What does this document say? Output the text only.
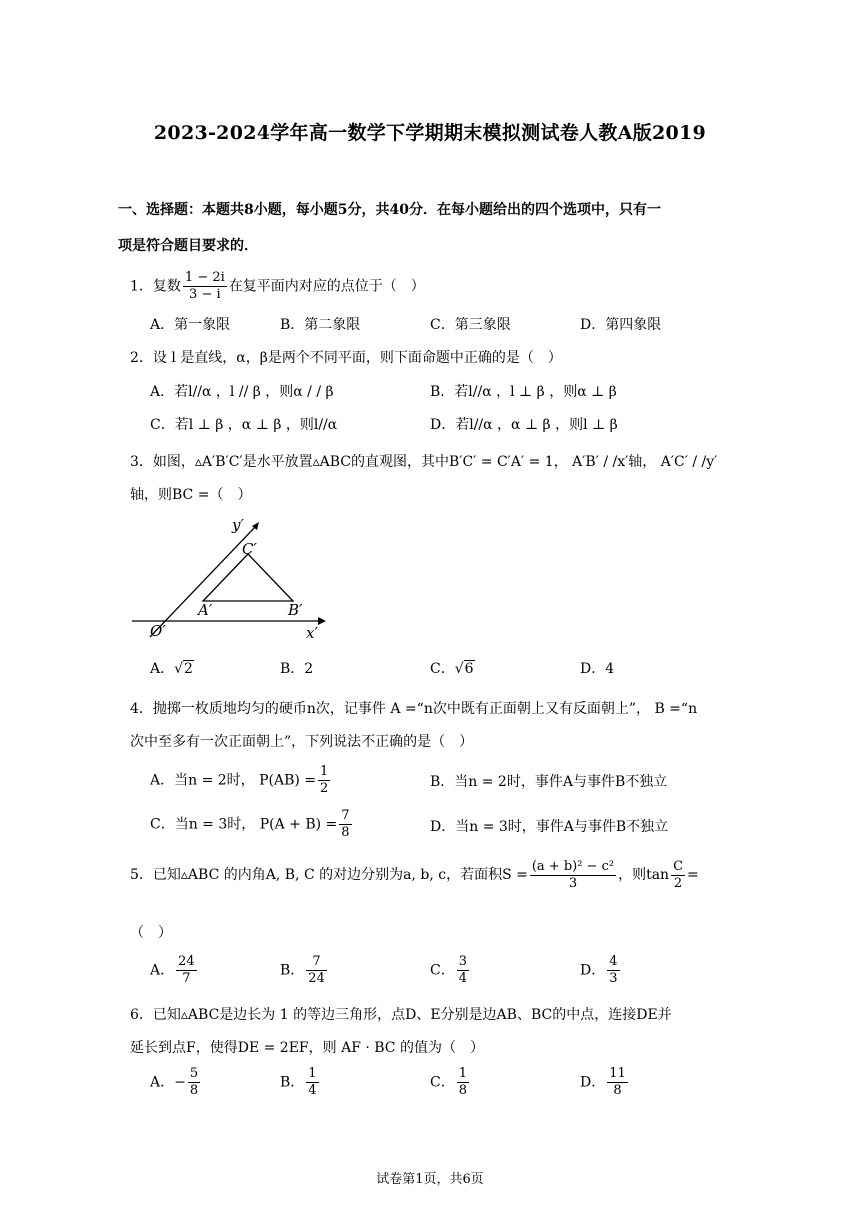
2023-2024学年高一数学下学期期末模拟测试卷人教A版2019
一、选择题：本题共8小题，每小题5分，共40分．在每小题给出的四个选项中，只有一
项是符合题目要求的．
1．复数 $\frac{1 - 2i}{3 - i}$ 在复平面内对应的点位于（　）
A．第一象限	B．第二象限	C．第三象限	D．第四象限
2．设 l 是直线，α，β是两个不同平面，则下面命题中正确的是（　）
A．若l//α ，l // β ，则α / / β	B．若l//α ，l ⊥ β ，则α ⊥ β
C．若l ⊥ β ，α ⊥ β ，则l//α	D．若l//α ，α ⊥ β ，则l ⊥ β
3．如图，▵A′B′C′是水平放置▵ABC的直观图，其中B′C′ = C′A′ = 1， A′B′ / /x′轴， A′C′ / /y′
轴，则BC =（　）
y′
C′
A′	B′
O′	x′
A．√2	B．2	C．√6	D．4
4．抛掷一枚质地均匀的硬币n次，记事件 A =“n次中既有正面朝上又有反面朝上”， B =“n
次中至多有一次正面朝上”，下列说法不正确的是（　）
A．当n = 2时， $P(AB) = \frac{1}{2}$	B．当n = 2时，事件A与事件B不独立
C．当n = 3时， $P(A + B) = \frac{7}{8}$	D．当n = 3时，事件A与事件B不独立
5．已知▵ABC 的内角A, B, C 的对边分别为a, b, c，若面积$S = \frac{\text{(a + b)² − c²}}{3}$ ，则$\tan \frac{C}{2}$ =
（　）
A． $\frac{24}{7}$	B． $\frac{7}{24}$	C． $\frac{3}{4}$	D． $\frac{4}{3}$
6．已知▵ABC是边长为 1 的等边三角形，点D、E分别是边AB、BC的中点，连接DE并
延长到点F，使得DE = 2EF，则 AF · BC 的值为（　）
A．− $\frac{5}{8}$	B． $\frac{1}{4}$	C． $\frac{1}{8}$	D． $\frac{11}{8}$
试卷第1页，共6页
